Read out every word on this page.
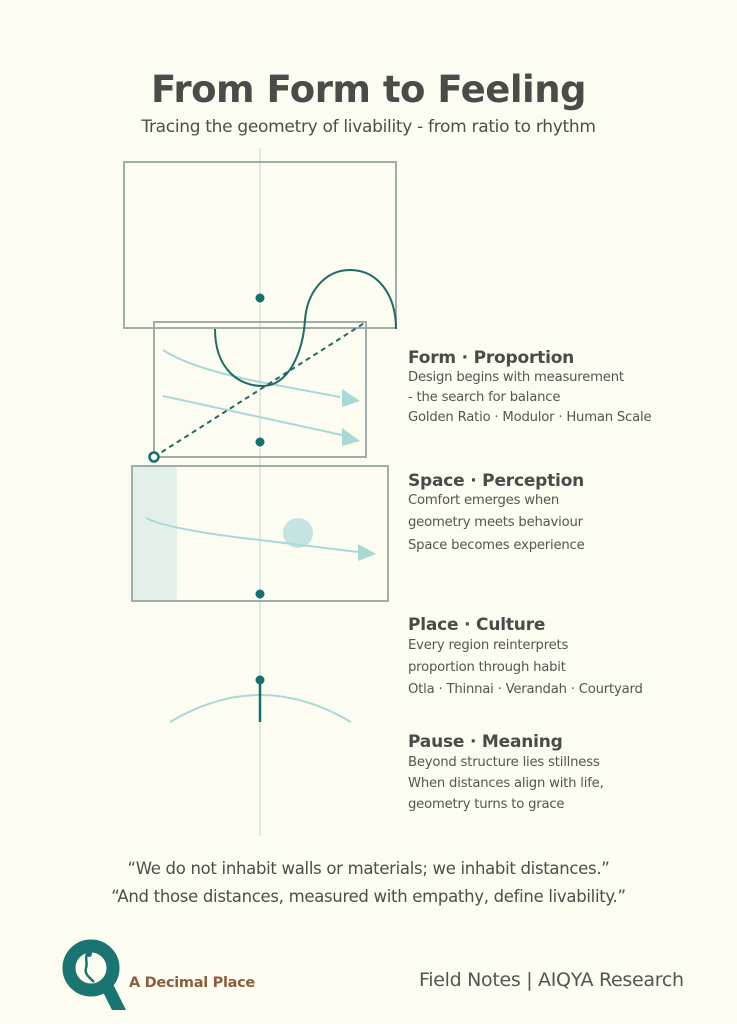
From Form to Feeling
Tracing the geometry of livability - from ratio to rhythm
Form · Proportion
Design begins with measurement
- the search for balance
Golden Ratio · Modulor · Human Scale
Space · Perception
Comfort emerges when
geometry meets behaviour
Space becomes experience
Place · Culture
Every region reinterprets
proportion through habit
Otla · Thinnai · Verandah · Courtyard
Pause · Meaning
Beyond structure lies stillness
When distances align with life,
geometry turns to grace
“We do not inhabit walls or materials; we inhabit distances.”
“And those distances, measured with empathy, define livability.”
A Decimal Place	Field Notes | AIQYA Research
